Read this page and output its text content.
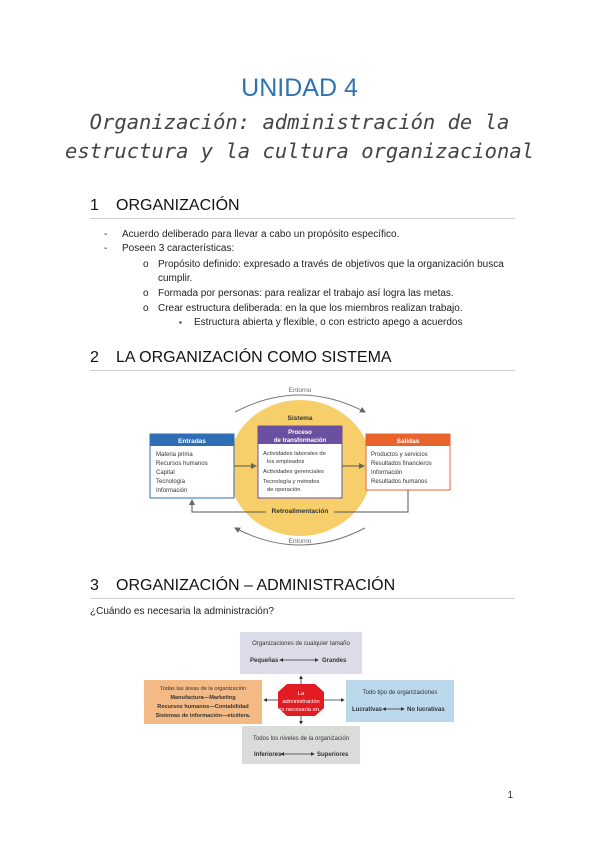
UNIDAD 4
Organización: administración de la
estructura y la cultura organizacional
1 ORGANIZACIÓN
- Acuerdo deliberado para llevar a cabo un propósito específico.
- Poseen 3 características:
o Propósito definido: expresado a través de objetivos que la organización busca
cumplir.
o Formada por personas: para realizar el trabajo así logra las metas.
o Crear estructura deliberada: en la que los miembros realizan trabajo.
▪ Estructura abierta y flexible, o con estricto apego a acuerdos
2 LA ORGANIZACIÓN COMO SISTEMA
Entorno
Entorno
Sistema
Entradas
Materia prima
Recursos humanos
Capital
Tecnología
Información
Proceso
de transformación
Actividades laborales de
los empleados
Actividades gerenciales
Tecnología y métodos
de operación
Salidas
Productos y servicios
Resultados financieros
Información
Resultados humanos
Retroalimentación
3 ORGANIZACIÓN – ADMINISTRACIÓN
¿Cuándo es necesaria la administración?
Organizaciones de cualquier tamaño
Pequeñas	Grandes
Todas las áreas de la organización
Manufactura—Marketing
Recursos humanos—Contabilidad
Sistemas de información—etcétera.
Todo tipo de organizaciones
Lucrativas	No lucrativas
Todos los niveles de la organización
Inferiores	Superiores
La
administración
es necesaria en...
1
